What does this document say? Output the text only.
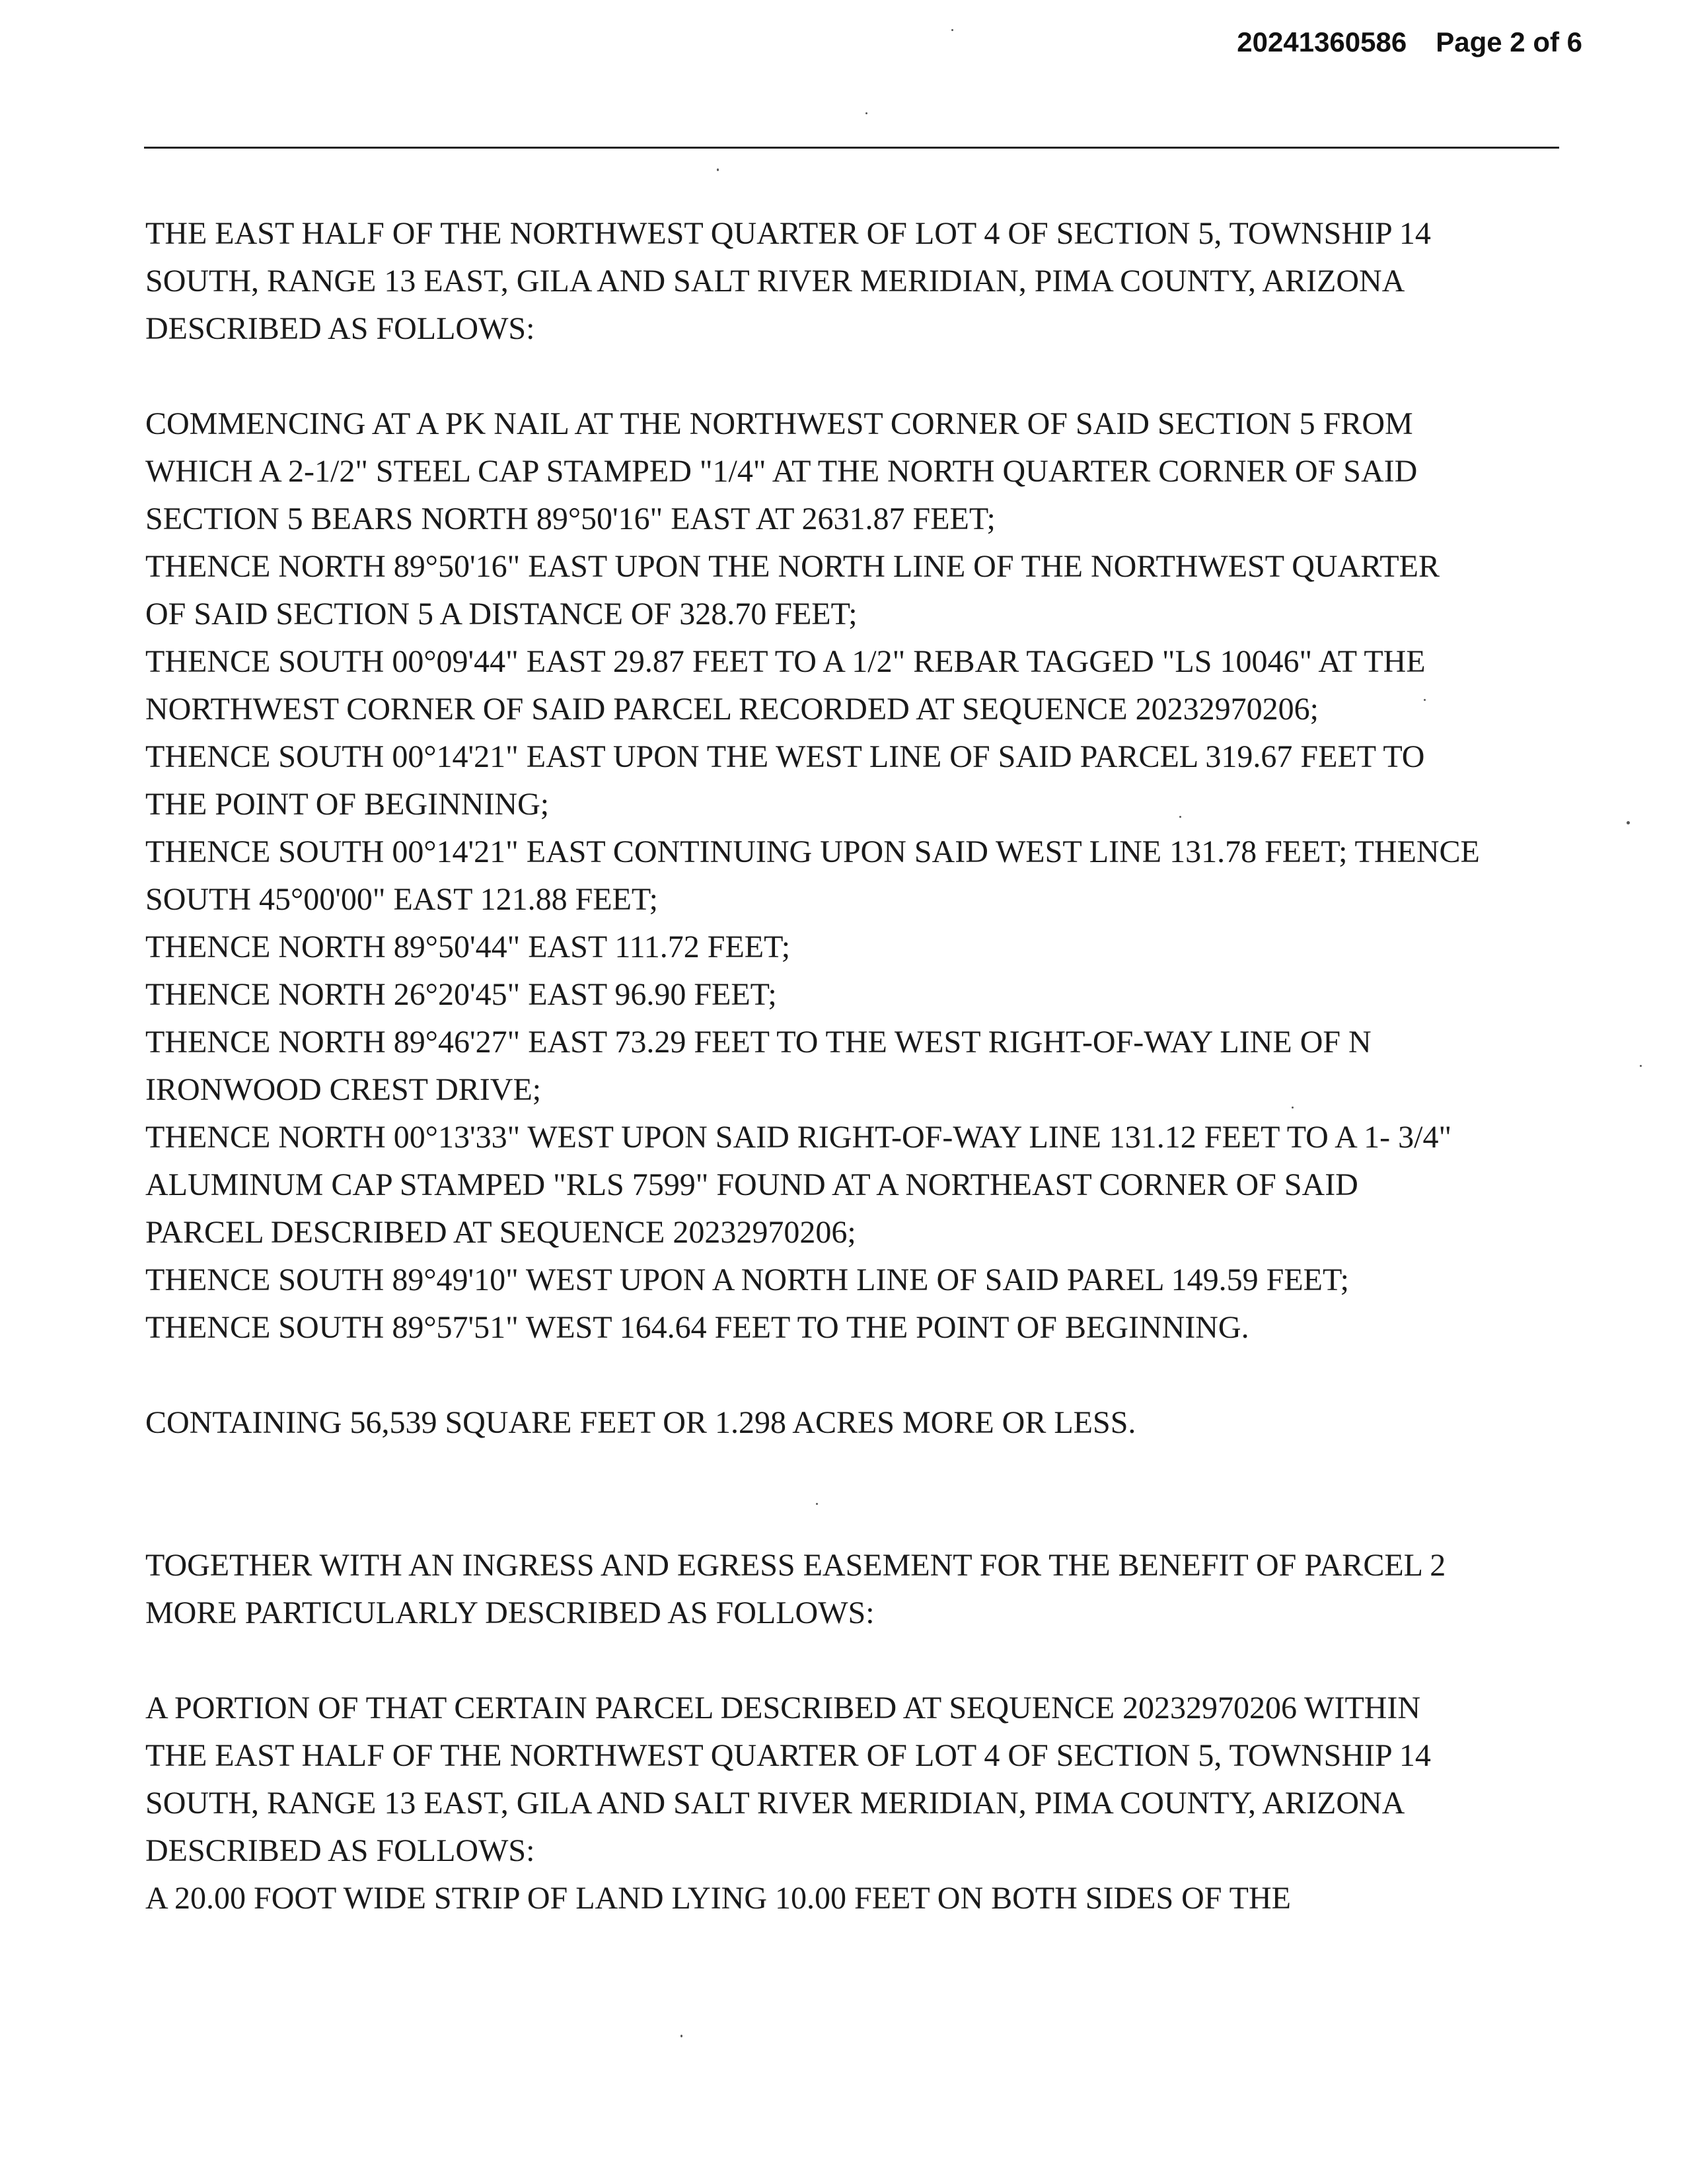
20241360586 Page 2 of 6
THE EAST HALF OF THE NORTHWEST QUARTER OF LOT 4 OF SECTION 5, TOWNSHIP 14
SOUTH, RANGE 13 EAST, GILA AND SALT RIVER MERIDIAN, PIMA COUNTY, ARIZONA
DESCRIBED AS FOLLOWS:
COMMENCING AT A PK NAIL AT THE NORTHWEST CORNER OF SAID SECTION 5 FROM
WHICH A 2-1/2" STEEL CAP STAMPED "1/4" AT THE NORTH QUARTER CORNER OF SAID
SECTION 5 BEARS NORTH 89°50'16" EAST AT 2631.87 FEET;
THENCE NORTH 89°50'16" EAST UPON THE NORTH LINE OF THE NORTHWEST QUARTER
OF SAID SECTION 5 A DISTANCE OF 328.70 FEET;
THENCE SOUTH 00°09'44" EAST 29.87 FEET TO A 1/2" REBAR TAGGED "LS 10046" AT THE
NORTHWEST CORNER OF SAID PARCEL RECORDED AT SEQUENCE 20232970206;
THENCE SOUTH 00°14'21" EAST UPON THE WEST LINE OF SAID PARCEL 319.67 FEET TO
THE POINT OF BEGINNING;
THENCE SOUTH 00°14'21" EAST CONTINUING UPON SAID WEST LINE 131.78 FEET; THENCE
SOUTH 45°00'00" EAST 121.88 FEET;
THENCE NORTH 89°50'44" EAST 111.72 FEET;
THENCE NORTH 26°20'45" EAST 96.90 FEET;
THENCE NORTH 89°46'27" EAST 73.29 FEET TO THE WEST RIGHT-OF-WAY LINE OF N
IRONWOOD CREST DRIVE;
THENCE NORTH 00°13'33" WEST UPON SAID RIGHT-OF-WAY LINE 131.12 FEET TO A 1- 3/4"
ALUMINUM CAP STAMPED "RLS 7599" FOUND AT A NORTHEAST CORNER OF SAID
PARCEL DESCRIBED AT SEQUENCE 20232970206;
THENCE SOUTH 89°49'10" WEST UPON A NORTH LINE OF SAID PAREL 149.59 FEET;
THENCE SOUTH 89°57'51" WEST 164.64 FEET TO THE POINT OF BEGINNING.
CONTAINING 56,539 SQUARE FEET OR 1.298 ACRES MORE OR LESS.
TOGETHER WITH AN INGRESS AND EGRESS EASEMENT FOR THE BENEFIT OF PARCEL 2
MORE PARTICULARLY DESCRIBED AS FOLLOWS:
A PORTION OF THAT CERTAIN PARCEL DESCRIBED AT SEQUENCE 20232970206 WITHIN
THE EAST HALF OF THE NORTHWEST QUARTER OF LOT 4 OF SECTION 5, TOWNSHIP 14
SOUTH, RANGE 13 EAST, GILA AND SALT RIVER MERIDIAN, PIMA COUNTY, ARIZONA
DESCRIBED AS FOLLOWS:
A 20.00 FOOT WIDE STRIP OF LAND LYING 10.00 FEET ON BOTH SIDES OF THE
